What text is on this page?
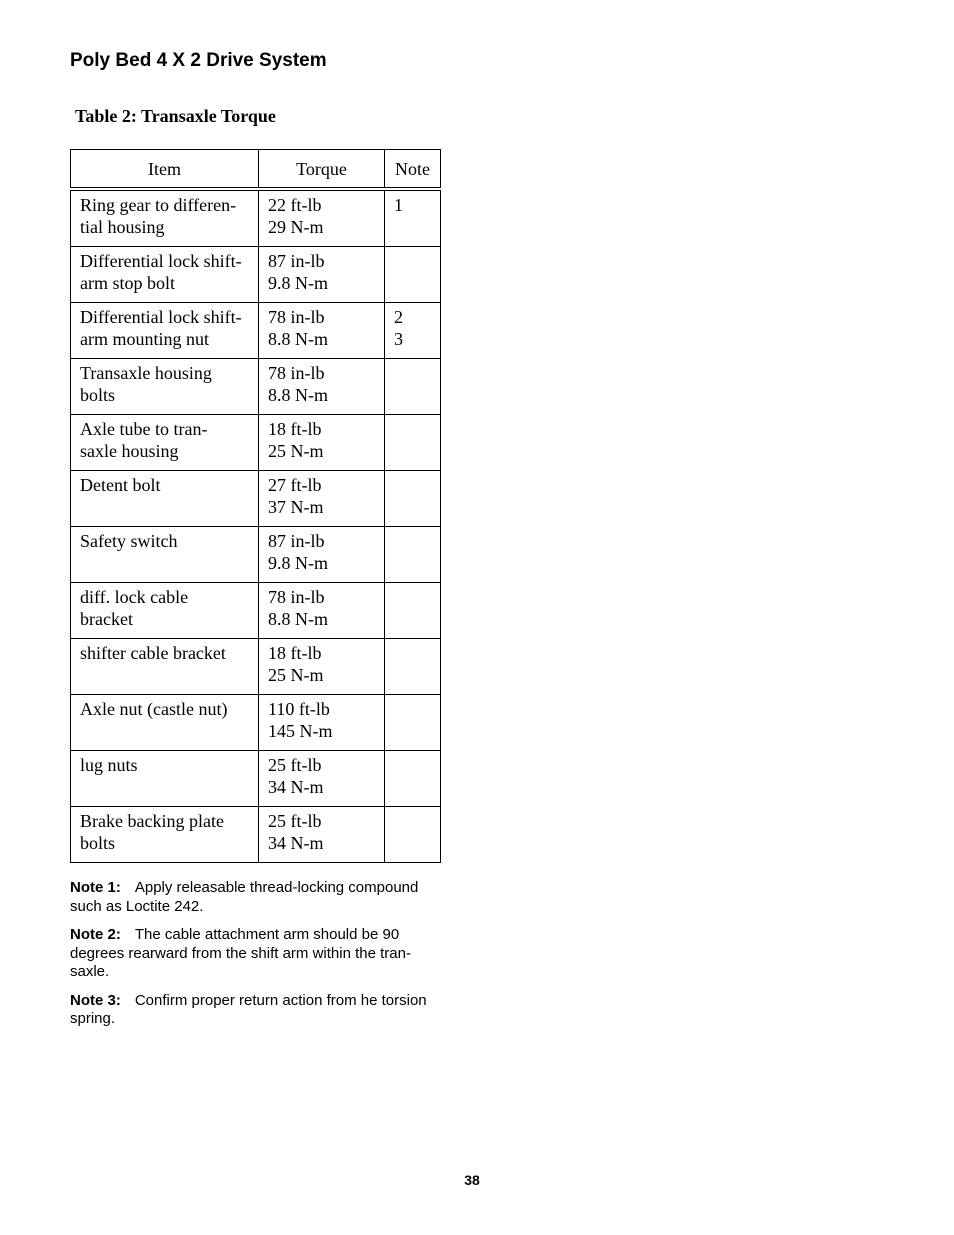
Poly Bed 4 X 2 Drive System

Table 2: Transaxle Torque

Item	Torque	Note

Ring gear to differen-
tial housing	22 ft-lb
29 N-m	1

Differential lock shift-
arm stop bolt	87 in-lb
9.8 N-m	

Differential lock shift-
arm mounting nut	78 in-lb
8.8 N-m	2
3

Transaxle housing
bolts	78 in-lb
8.8 N-m	

Axle tube to tran-
saxle housing	18 ft-lb
25 N-m	

Detent bolt	27 ft-lb
37 N-m	

Safety switch	87 in-lb
9.8 N-m	

diff. lock cable
bracket	78 in-lb
8.8 N-m	

shifter cable bracket	18 ft-lb
25 N-m	

Axle nut (castle nut)	110 ft-lb
145 N-m	

lug nuts	25 ft-lb
34 N-m	

Brake backing plate
bolts	25 ft-lb
34 N-m	

Note 1: Apply releasable thread-locking compound
such as Loctite 242.

Note 2: The cable attachment arm should be 90
degrees rearward from the shift arm within the tran-
saxle.

Note 3: Confirm proper return action from he torsion
spring.

38
